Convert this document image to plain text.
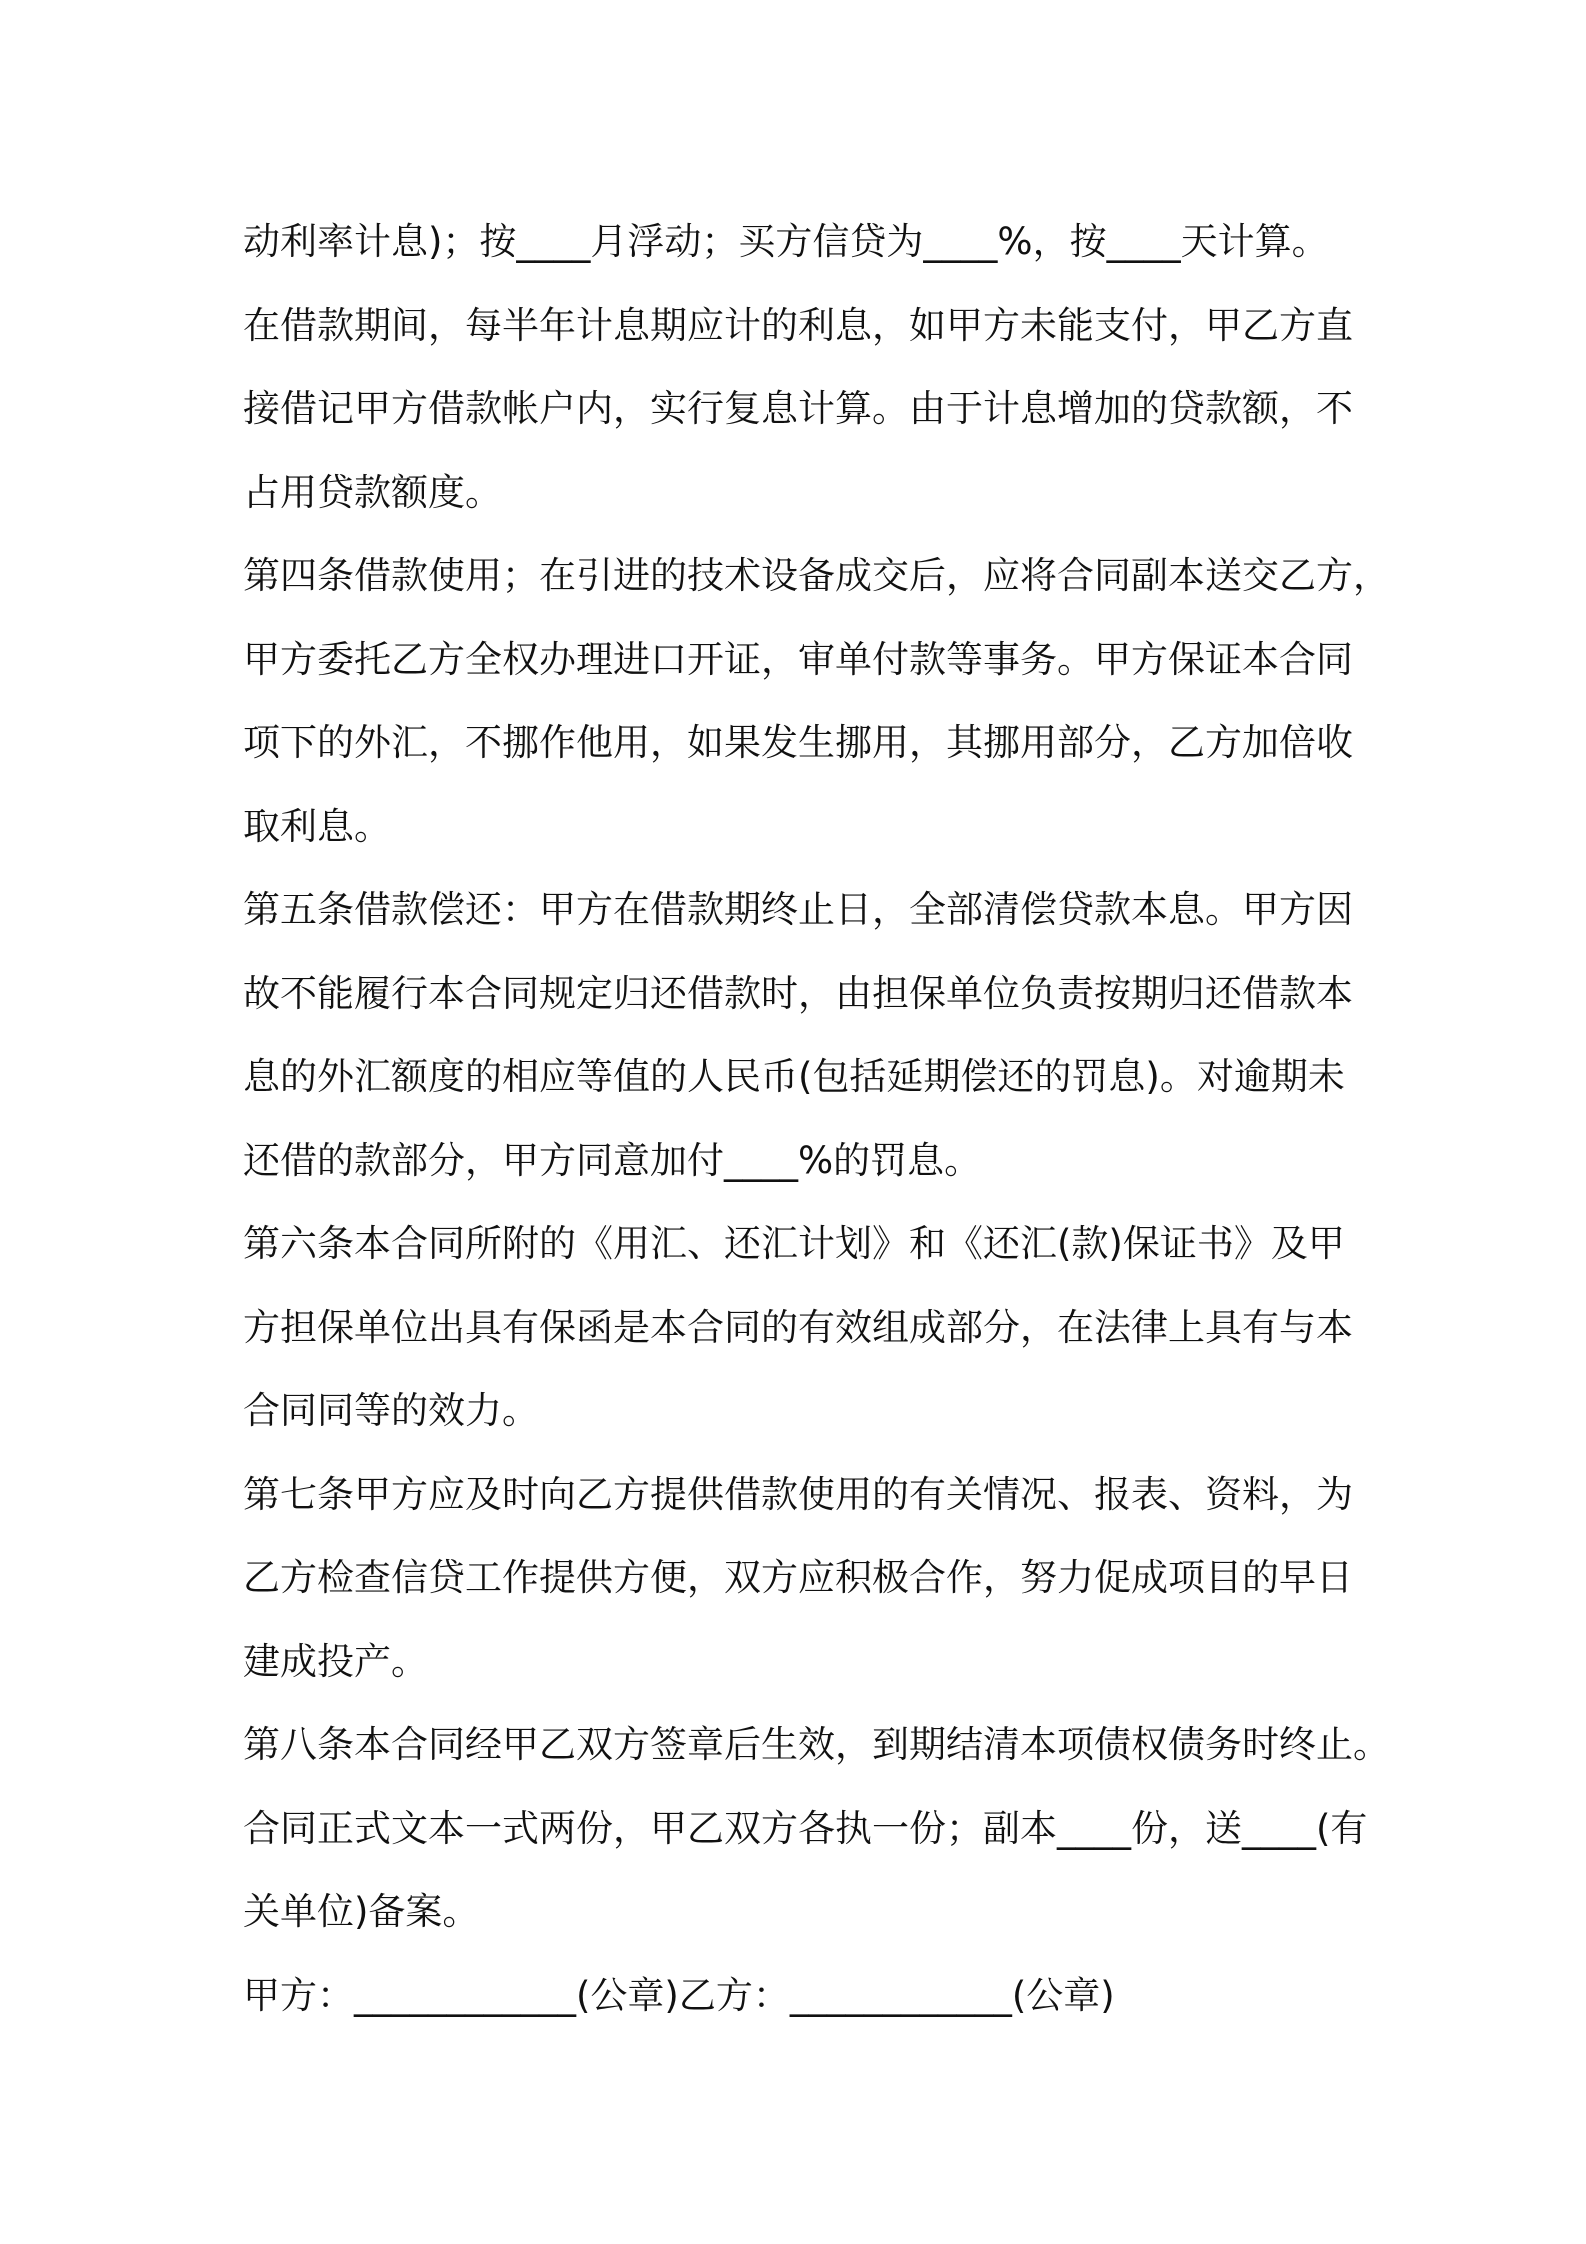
动利率计息)；按____月浮动；买方信贷为____%，按____天计算。
在借款期间，每半年计息期应计的利息，如甲方未能支付，甲乙方直
接借记甲方借款帐户内，实行复息计算。由于计息增加的贷款额，不
占用贷款额度。
第四条借款使用；在引进的技术设备成交后，应将合同副本送交乙方，
甲方委托乙方全权办理进口开证，审单付款等事务。甲方保证本合同
项下的外汇，不挪作他用，如果发生挪用，其挪用部分，乙方加倍收
取利息。
第五条借款偿还：甲方在借款期终止日，全部清偿贷款本息。甲方因
故不能履行本合同规定归还借款时，由担保单位负责按期归还借款本
息的外汇额度的相应等值的人民币(包括延期偿还的罚息)。对逾期未
还借的款部分，甲方同意加付____%的罚息。
第六条本合同所附的《用汇、还汇计划》和《还汇(款)保证书》及甲
方担保单位出具有保函是本合同的有效组成部分，在法律上具有与本
合同同等的效力。
第七条甲方应及时向乙方提供借款使用的有关情况、报表、资料，为
乙方检查信贷工作提供方便，双方应积极合作，努力促成项目的早日
建成投产。
第八条本合同经甲乙双方签章后生效，到期结清本项债权债务时终止。
合同正式文本一式两份，甲乙双方各执一份；副本____份，送____(有
关单位)备案。
甲方：____________(公章)乙方：____________(公章)
